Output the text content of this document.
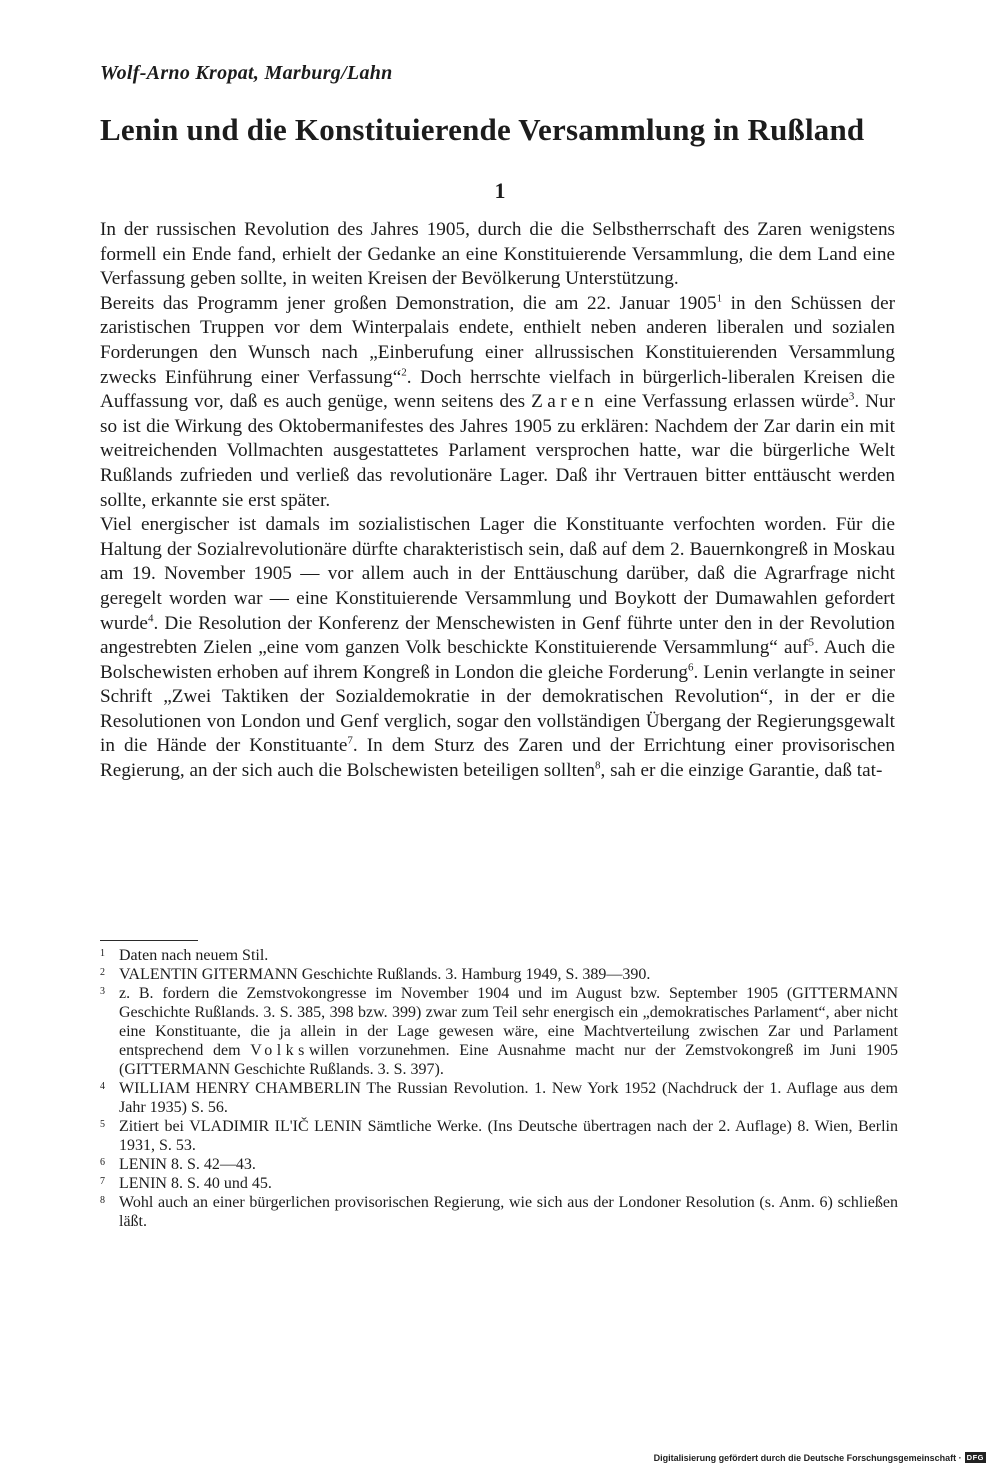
Wolf-Arno Kropat, Marburg/Lahn
Lenin und die Konstituierende Versammlung in Rußland
1

In der russischen Revolution des Jahres 1905, durch die die Selbstherrschaft des Zaren wenigstens formell ein Ende fand, erhielt der Gedanke an eine Konstituierende Versammlung, die dem Land eine Verfassung geben sollte, in weiten Kreisen der Bevölkerung Unterstützung.

Bereits das Programm jener großen Demonstration, die am 22. Januar 1905$^1$ in den Schüssen der zaristischen Truppen vor dem Winterpalais endete, enthielt neben anderen liberalen und sozialen Forderungen den Wunsch nach „Einberufung einer allrussischen Konstituierenden Versammlung zwecks Einführung einer Verfassung“$^2$. Doch herrschte vielfach in bürgerlich-liberalen Kreisen die Auffassung vor, daß es auch genüge, wenn seitens des Zaren eine Verfassung erlassen würde$^3$. Nur so ist die Wirkung des Oktobermanifestes des Jahres 1905 zu erklären: Nachdem der Zar darin ein mit weitreichenden Vollmachten ausgestattetes Parlament versprochen hatte, war die bürgerliche Welt Rußlands zufrieden und verließ das revolutionäre Lager. Daß ihr Vertrauen bitter enttäuscht werden sollte, erkannte sie erst später.

Viel energischer ist damals im sozialistischen Lager die Konstituante verfochten worden. Für die Haltung der Sozialrevolutionäre dürfte charakteristisch sein, daß auf dem 2. Bauernkongreß in Moskau am 19. November 1905 — vor allem auch in der Enttäuschung darüber, daß die Agrarfrage nicht geregelt worden war — eine Konstituierende Versammlung und Boykott der Dumawahlen gefordert wurde$^4$. Die Resolution der Konferenz der Menschewisten in Genf führte unter den in der Revolution angestrebten Zielen „eine vom ganzen Volk beschickte Konstituierende Versammlung“ auf$^5$. Auch die Bolschewisten erhoben auf ihrem Kongreß in London die gleiche Forderung$^6$. Lenin verlangte in seiner Schrift „Zwei Taktiken der Sozialdemokratie in der demokratischen Revolution“, in der er die Resolutionen von London und Genf verglich, sogar den vollständigen Übergang der Regierungsgewalt in die Hände der Konstituante$^7$. In dem Sturz des Zaren und der Errichtung einer provisorischen Regierung, an der sich auch die Bolschewisten beteiligen sollten$^8$, sah er die einzige Garantie, daß tat-

1 Daten nach neuem Stil.
2 VALENTIN GITERMANN Geschichte Rußlands. 3. Hamburg 1949, S. 389—390.
3 z. B. fordern die Zemstvokongresse im November 1904 und im August bzw. September 1905 (GITTERMANN Geschichte Rußlands. 3. S. 385, 398 bzw. 399) zwar zum Teil sehr energisch ein „demokratisches Parlament“, aber nicht eine Konstituante, die ja allein in der Lage gewesen wäre, eine Machtverteilung zwischen Zar und Parlament entsprechend dem Volkswillen vorzunehmen. Eine Ausnahme macht nur der Zemstvokongreß im Juni 1905 (GITTERMANN Geschichte Rußlands. 3. S. 397).
4 WILLIAM HENRY CHAMBERLIN The Russian Revolution. 1. New York 1952 (Nachdruck der 1. Auflage aus dem Jahr 1935) S. 56.
5 Zitiert bei VLADIMIR IL'IČ LENIN Sämtliche Werke. (Ins Deutsche übertragen nach der 2. Auflage) 8. Wien, Berlin 1931, S. 53.
6 LENIN 8. S. 42—43.
7 LENIN 8. S. 40 und 45.
8 Wohl auch an einer bürgerlichen provisorischen Regierung, wie sich aus der Londoner Resolution (s. Anm. 6) schließen läßt.
Digitalisierung gefördert durch die Deutsche Forschungsgemeinschaft · DFG
